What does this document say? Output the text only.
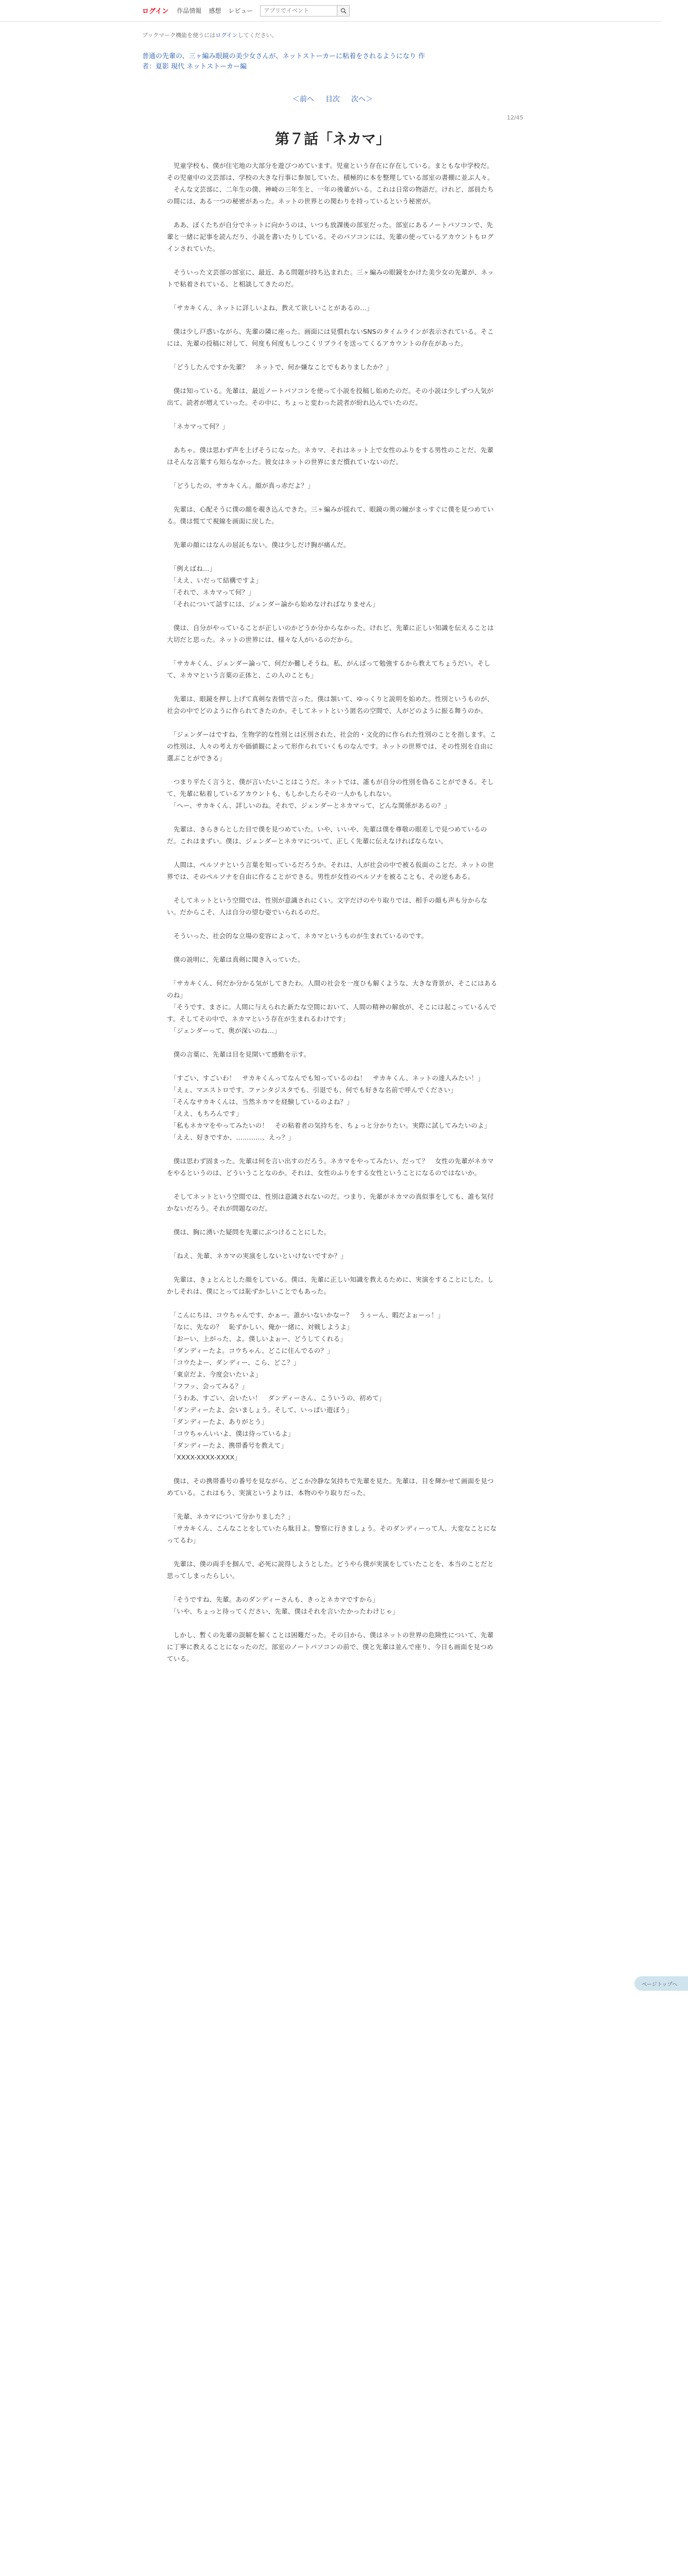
ログイン 作品情報 感想 レビュー
アプリでイベント
ブックマーク機能を使うにはログインしてください。
普通の先輩の、三ヶ編み眼鏡の美少女さんが、ネットストーカーに粘着をされるようになり 作者：夏影 現代 ネットストーカー編
＜前へ 目次 次へ＞
12/45
第７話「ネカマ」

　児童学校も、僕が住宅地の大部分を遊びつめています。児童という存在に存在している。まともな中学校だ。その児童中の文芸部は、学校の大きな行事に参加していた。積極的に本を整理している部室の書棚に並ぶ人々。

　そんな文芸部に、二年生の僕、神崎の三年生と、一年の後輩がいる。これは日常の物語だ。けれど、部員たちの間には、ある一つの秘密があった。ネットの世界との関わりを持っているという秘密が。

　ああ、ぼくたちが自分でネットに向かうのは、いつも放課後の部室だった。部室にあるノートパソコンで、先輩と一緒に記事を読んだり、小説を書いたりしている。そのパソコンには、先輩の使っているアカウントもログインされていた。

　そういった文芸部の部室に、最近、ある問題が持ち込まれた。三ヶ編みの眼鏡をかけた美少女の先輩が、ネットで粘着されている、と相談してきたのだ。

　「サカキくん、ネットに詳しいよね、教えて欲しいことがあるの…」

　僕は少し戸惑いながら、先輩の隣に座った。画面には見慣れないSNSのタイムラインが表示されている。そこには、先輩の投稿に対して、何度も何度もしつこくリプライを送ってくるアカウントの存在があった。

　「どうしたんですか先輩？　ネットで、何か嫌なことでもありましたか？」

　僕は知っている。先輩は、最近ノートパソコンを使って小説を投稿し始めたのだ。その小説は少しずつ人気が出て、読者が増えていった。その中に、ちょっと変わった読者が紛れ込んでいたのだ。

　「ネカマって何？」

　あちゃ。僕は思わず声を上げそうになった。ネカマ、それはネット上で女性のふりをする男性のことだ。先輩はそんな言葉すら知らなかった。彼女はネットの世界にまだ慣れていないのだ。

　「どうしたの、サカキくん。顔が真っ赤だよ？」

　先輩は、心配そうに僕の顔を覗き込んできた。三ヶ編みが揺れて、眼鏡の奥の瞳がまっすぐに僕を見つめている。僕は慌てて視線を画面に戻した。

　先輩の顔にはなんの屈託もない。僕は少しだけ胸が痛んだ。

　「例えばね…」

　「ええ、いだって結構ですよ」

　「それで、ネカマって何？」

　「それについて話すには、ジェンダー論から始めなければなりません」

　僕は、自分がやっていることが正しいのかどうか分からなかった。けれど、先輩に正しい知識を伝えることは大切だと思った。ネットの世界には、様々な人がいるのだから。

　「サカキくん、ジェンダー論って、何だか難しそうね。私、がんばって勉強するから教えてちょうだい。そして、ネカマという言葉の正体と、この人のことも」

　先輩は、眼鏡を押し上げて真剣な表情で言った。僕は頷いて、ゆっくりと説明を始めた。性別というものが、社会の中でどのように作られてきたのか。そしてネットという匿名の空間で、人がどのように振る舞うのか。

　「ジェンダーはですね、生物学的な性別とは区別された、社会的・文化的に作られた性別のことを指します。この性別は、人々の考え方や価値観によって形作られていくものなんです。ネットの世界では、その性別を自由に選ぶことができる」

　つまり平たく言うと、僕が言いたいことはこうだ。ネットでは、誰もが自分の性別を偽ることができる。そして、先輩に粘着しているアカウントも、もしかしたらその一人かもしれない。

　「へー、サカキくん、詳しいのね。それで、ジェンダーとネカマって、どんな関係があるの？」

　先輩は、きらきらとした目で僕を見つめていた。いや、いいや、先輩は僕を尊敬の眼差しで見つめているのだ。これはまずい。僕は、ジェンダーとネカマについて、正しく先輩に伝えなければならない。

　人間は、ペルソナという言葉を知っているだろうか。それは、人が社会の中で被る仮面のことだ。ネットの世界では、そのペルソナを自由に作ることができる。男性が女性のペルソナを被ることも、その逆もある。

　そしてネットという空間では、性別が意識されにくい。文字だけのやり取りでは、相手の顔も声も分からない。だからこそ、人は自分の望む姿でいられるのだ。

　そういった、社会的な立場の変容によって、ネカマというものが生まれているのです。

　僕の説明に、先輩は真剣に聞き入っていた。

　「サカキくん、何だか分かる気がしてきたわ。人間の社会を一度ひも解くような、大きな背景が、そこにはあるのね」

　「そうです、まさに。人間に与えられた新たな空間において、人間の精神の解放が、そこには起こっているんです。そしてその中で、ネカマという存在が生まれるわけです」

　「ジェンダーって、奥が深いのね…」

　僕の言葉に、先輩は目を見開いて感動を示す。

　「すごい、すごいわ！　サカキくんってなんでも知っているのね！　サカキくん、ネットの達人みたい！」

　「えぇ、マエストロです。ファンタジスタでも、引退でも、何でも好きな名前で呼んでください」

　「そんなサカキくんは、当然ネカマを経験しているのよね？」

　「ええ、もちろんです」

　「私もネカマをやってみたいの！　その粘着者の気持ちを、ちょっと分かりたい。実際に試してみたいのよ」

　「ええ、好きですか、…………、えっ？」

　僕は思わず固まった。先輩は何を言い出すのだろう。ネカマをやってみたい、だって？　女性の先輩がネカマをやるというのは、どういうことなのか。それは、女性のふりをする女性ということになるのではないか。

　そしてネットという空間では、性別は意識されないのだ。つまり、先輩がネカマの真似事をしても、誰も気付かないだろう。それが問題なのだ。

　僕は、胸に湧いた疑問を先輩にぶつけることにした。

　「ねえ、先輩、ネカマの実演をしないといけないですか？」

　先輩は、きょとんとした顔をしている。僕は、先輩に正しい知識を教えるために、実演をすることにした。しかしそれは、僕にとっては恥ずかしいことでもあった。

　「こんにちは、コウちゃんです、かぁー。誰かいないかなー？　うぅーん、暇だよぉーっ！」

　「なに、先なの？　恥ずかしい、俺か一緒に、対戦しようよ」

　「おーい、上がった、よ。僕しいよぉー、どうしてくれる」

　「ダンディーたよ。コウちゃん、どこに住んでるの？」

　「コウたよー、ダンディー、こら、どこ？」

　「東京だよ、今度会いたいよ」

　「フフッ、会ってみる？」

　「うわあ、すごい、会いたい！　ダンディーさん、こういうの、初めて」

　「ダンディーたよ、会いましょう。そして、いっぱい遊ぼう」

　「ダンディーたよ、ありがとう」

　「コウちゃんいいよ、僕は待っているよ」

　「ダンディーたよ、携帯番号を教えて」

　「XXXX-XXXX-XXXX」

　僕は、その携帯番号の番号を見ながら、どこか冷静な気持ちで先輩を見た。先輩は、目を輝かせて画面を見つめている。これはもう、実演というよりは、本物のやり取りだった。

　「先輩、ネカマについて分かりました？」

　「サカキくん、こんなことをしていたら駄目よ。警察に行きましょう。そのダンディーって人、大変なことになってるわ」

　先輩は、僕の両手を掴んで、必死に説得しようとした。どうやら僕が実演をしていたことを、本当のことだと思ってしまったらしい。

　「そうですね、先輩。あのダンディーさんも、きっとネカマですから」

　「いや、ちょっと待ってください、先輩、僕はそれを言いたかったわけじゃ」

　しかし、暫くの先輩の誤解を解くことは困難だった。その日から、僕はネットの世界の危険性について、先輩に丁寧に教えることになったのだ。部室のノートパソコンの前で、僕と先輩は並んで座り、今日も画面を見つめている。

ページトップへ
